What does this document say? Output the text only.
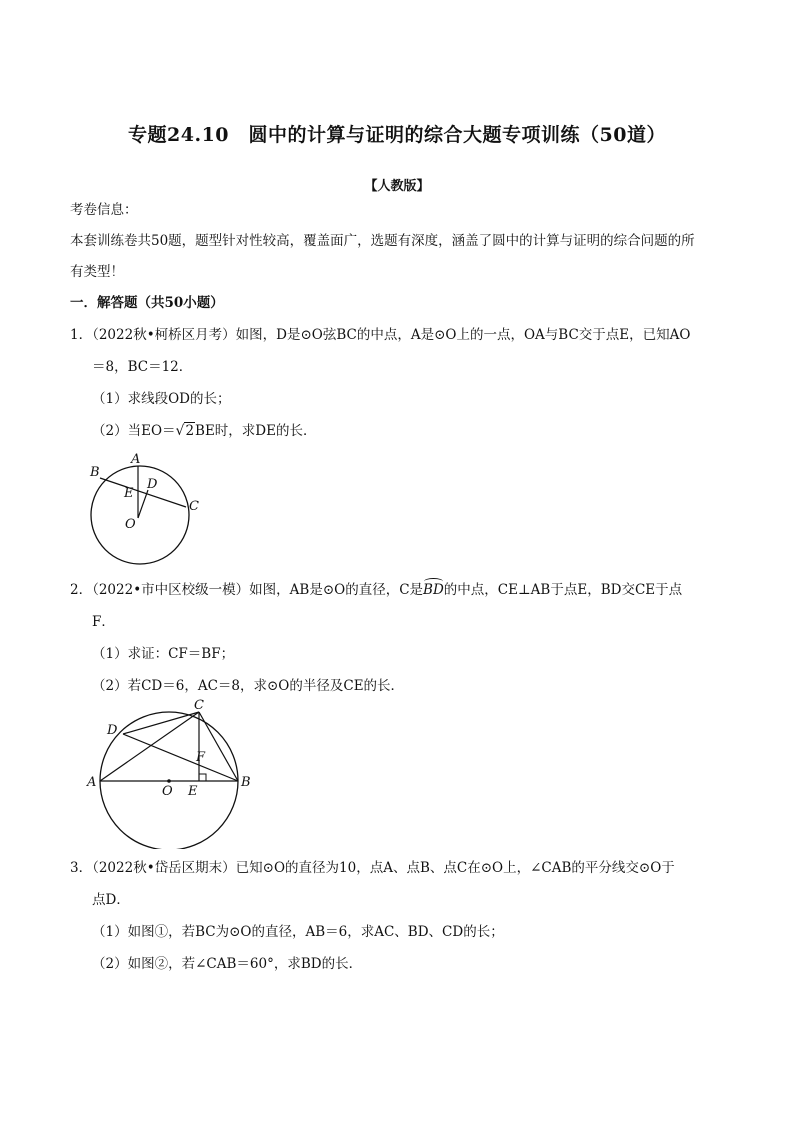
专题24.10　圆中的计算与证明的综合大题专项训练（50道）
【人教版】
考卷信息：
本套训练卷共50题，题型针对性较高，覆盖面广，选题有深度，涵盖了圆中的计算与证明的综合问题的所
有类型！
一．解答题（共50小题）
1．（2022秋•柯桥区月考）如图，D是⊙O弦BC的中点，A是⊙O上的一点，OA与BC交于点E，已知AO
＝8，BC＝12．
（1）求线段OD的长；
（2）当EO＝√2BE时，求DE的长．
A
B
C
D
E
O
2．（2022•市中区校级一模）如图，AB是⊙O的直径，C是
BD的中点，CE⊥AB于点E，BD交CE于点
F．
（1）求证：CF＝BF；
（2）若CD＝6，AC＝8，求⊙O的半径及CE的长．
A	B
C
D
E
F
O
3．（2022秋•岱岳区期末）已知⊙O的直径为10，点A、点B、点C在⊙O上，∠CAB的平分线交⊙O于
点D．
（1）如图①，若BC为⊙O的直径，AB＝6，求AC、BD、CD的长；
（2）如图②，若∠CAB＝60°，求BD的长．
